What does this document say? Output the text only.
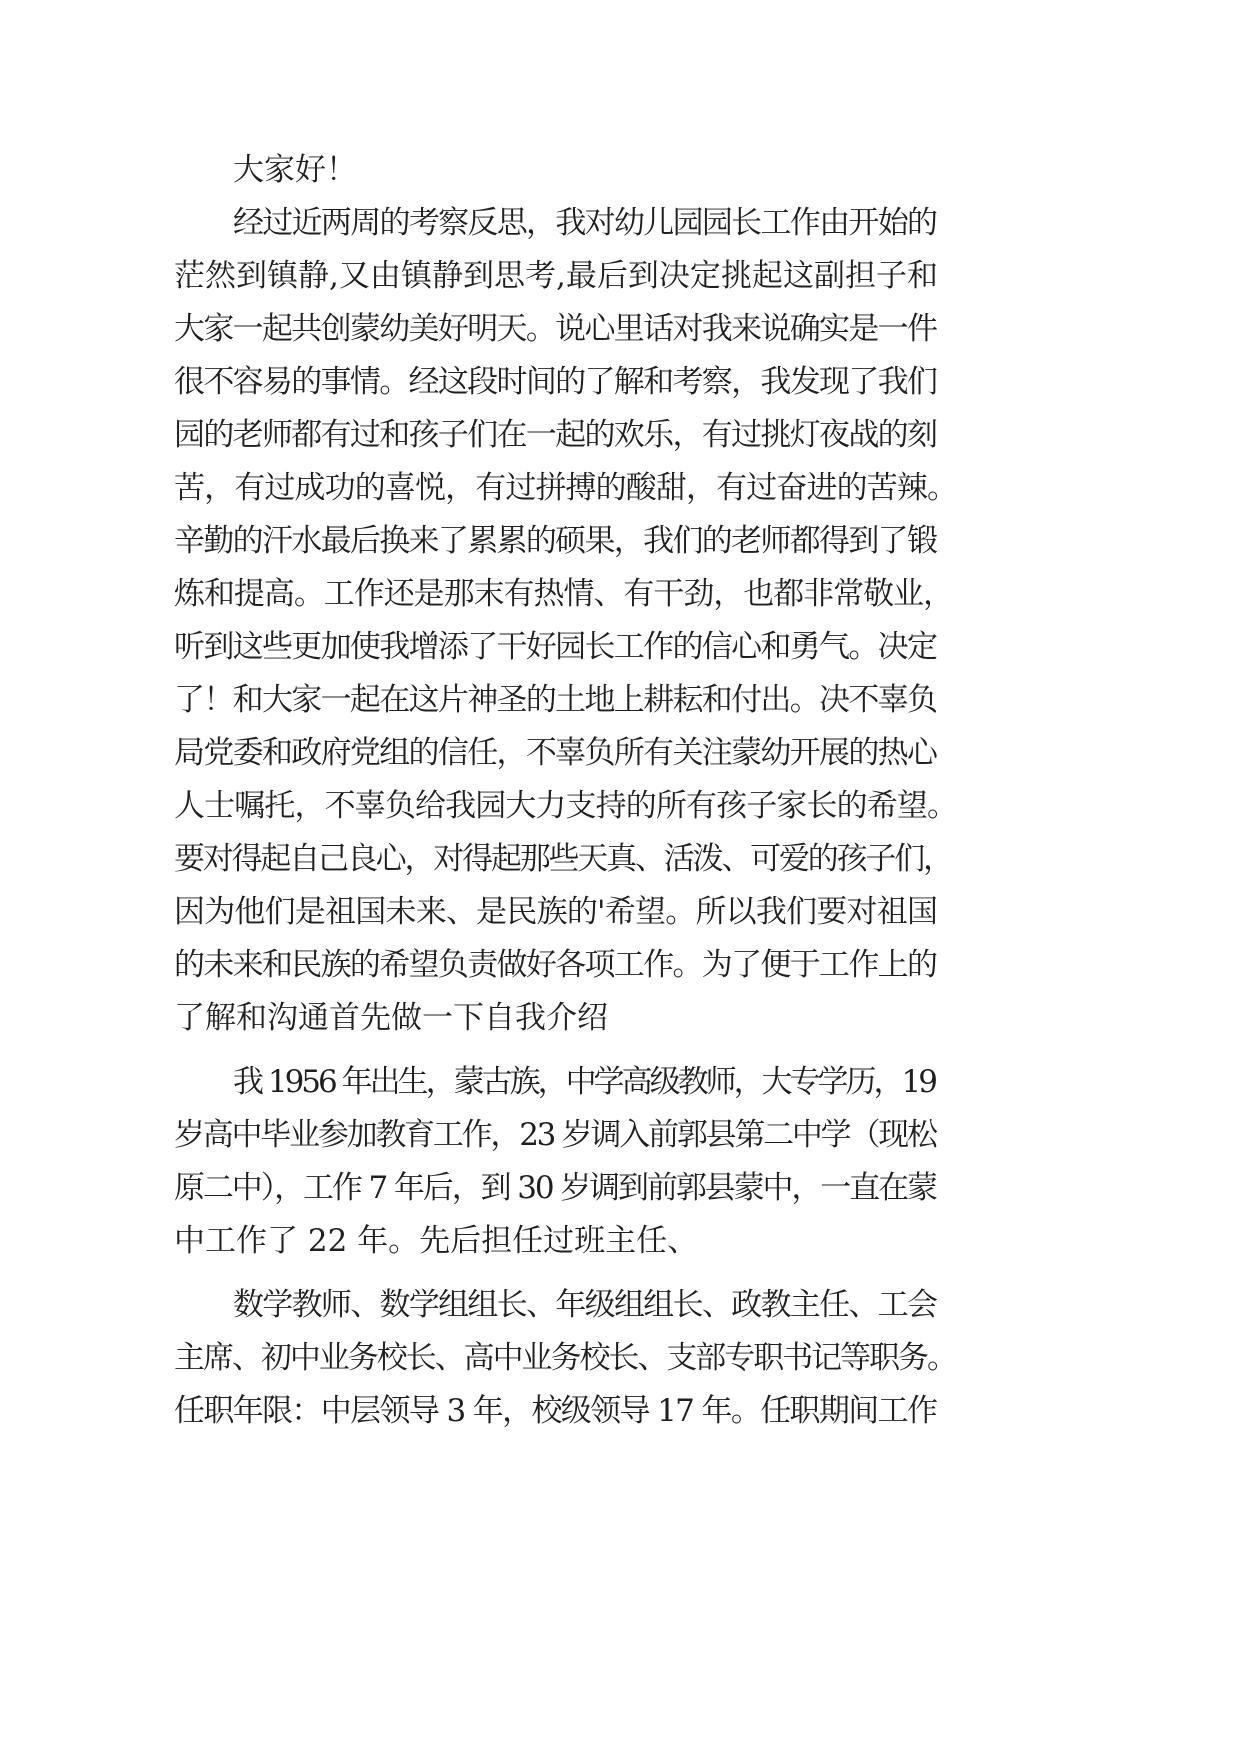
大家好！
经过近两周的考察反思，我对幼儿园园长工作由开始的
茫然到镇静,又由镇静到思考,最后到决定挑起这副担子和
大家一起共创蒙幼美好明天。说心里话对我来说确实是一件
很不容易的事情。经这段时间的了解和考察，我发现了我们
园的老师都有过和孩子们在一起的欢乐，有过挑灯夜战的刻
苦，有过成功的喜悦，有过拼搏的酸甜，有过奋进的苦辣。
辛勤的汗水最后换来了累累的硕果，我们的老师都得到了锻
炼和提高。工作还是那末有热情、有干劲，也都非常敬业，
听到这些更加使我增添了干好园长工作的信心和勇气。决定
了！和大家一起在这片神圣的土地上耕耘和付出。决不辜负
局党委和政府党组的信任，不辜负所有关注蒙幼开展的热心
人士嘱托，不辜负给我园大力支持的所有孩子家长的希望。
要对得起自己良心，对得起那些天真、活泼、可爱的孩子们，
因为他们是祖国未来、是民族的'希望。所以我们要对祖国
的未来和民族的希望负责做好各项工作。为了便于工作上的
了解和沟通首先做一下自我介绍
我 1956 年出生，蒙古族，中学高级教师，大专学历，19
岁高中毕业参加教育工作，23 岁调入前郭县第二中学（现松
原二中），工作 7 年后，到 30 岁调到前郭县蒙中，一直在蒙
中工作了 22 年。先后担任过班主任、
数学教师、数学组组长、年级组组长、政教主任、工会
主席、初中业务校长、高中业务校长、支部专职书记等职务。
任职年限：中层领导 3 年，校级领导 17 年。任职期间工作
